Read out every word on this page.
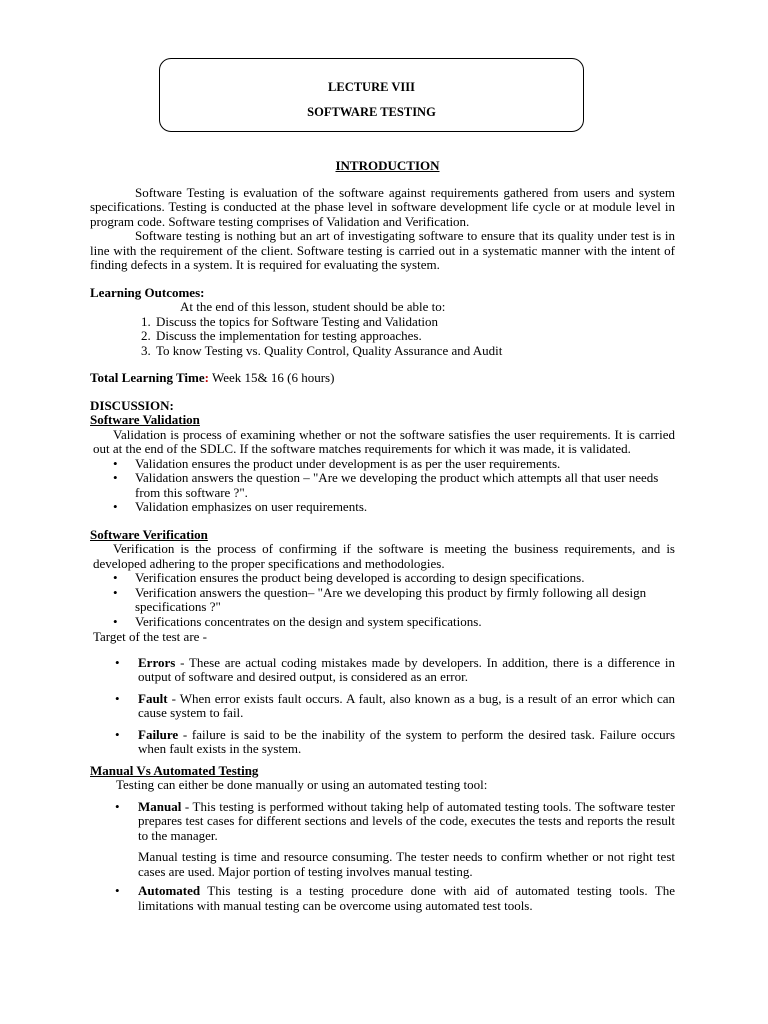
LECTURE VIII
SOFTWARE TESTING
INTRODUCTION

Software Testing is evaluation of the software against requirements gathered from users and system specifications. Testing is conducted at the phase level in software development life cycle or at module level in program code. Software testing comprises of Validation and Verification.

Software testing is nothing but an art of investigating software to ensure that its quality under test is in line with the requirement of the client. Software testing is carried out in a systematic manner with the intent of finding defects in a system. It is required for evaluating the system.

Learning Outcomes:

At the end of this lesson, student should be able to:

1. Discuss the topics for Software Testing and Validation
2. Discuss the implementation for testing approaches.
3. To know Testing vs. Quality Control, Quality Assurance and Audit

Total Learning Time: Week 15& 16 (6 hours)

DISCUSSION:

Software Validation

Validation is process of examining whether or not the software satisfies the user requirements. It is carried out at the end of the SDLC. If the software matches requirements for which it was made, it is validated.

• Validation ensures the product under development is as per the user requirements.
• Validation answers the question – "Are we developing the product which attempts all that user needs from this software ?".
• Validation emphasizes on user requirements.

Software Verification

Verification is the process of confirming if the software is meeting the business requirements, and is developed adhering to the proper specifications and methodologies.

• Verification ensures the product being developed is according to design specifications.
• Verification answers the question– "Are we developing this product by firmly following all design specifications ?"
• Verifications concentrates on the design and system specifications.

Target of the test are -

• Errors - These are actual coding mistakes made by developers. In addition, there is a difference in output of software and desired output, is considered as an error.
• Fault - When error exists fault occurs. A fault, also known as a bug, is a result of an error which can cause system to fail.
• Failure - failure is said to be the inability of the system to perform the desired task. Failure occurs when fault exists in the system.

Manual Vs Automated Testing

Testing can either be done manually or using an automated testing tool:

• Manual - This testing is performed without taking help of automated testing tools. The software tester prepares test cases for different sections and levels of the code, executes the tests and reports the result to the manager.

Manual testing is time and resource consuming. The tester needs to confirm whether or not right test cases are used. Major portion of testing involves manual testing.

• Automated This testing is a testing procedure done with aid of automated testing tools. The limitations with manual testing can be overcome using automated test tools.
